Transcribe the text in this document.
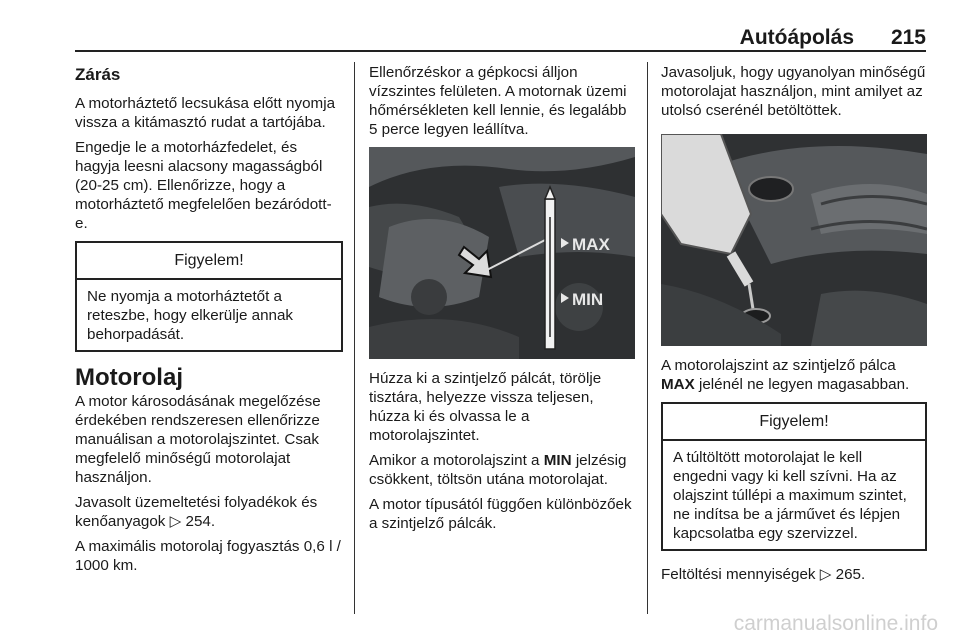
Autóápolás 215
Zárás

A motorháztető lecsukása előtt nyomja vissza a kitámasztó rudat a tartójába.

Engedje le a motorházfedelet, és hagyja leesni alacsony magasságból (20-25 cm). Ellenőrizze, hogy a motorháztető megfelelően bezáródott-e.

Figyelem!
Ne nyomja a motorháztetőt a reteszbe, hogy elkerülje annak behorpadását.
Motorolaj

A motor károsodásának megelőzése érdekében rendszeresen ellenőrizze manuálisan a motorolajszintet. Csak megfelelő minőségű motorolajat használjon.

Javasolt üzemeltetési folyadékok és kenőanyagok ▷ 254.

A maximális motorolaj fogyasztás 0,6 l / 1000 km.

Ellenőrzéskor a gépkocsi álljon vízszintes felületen. A motornak üzemi hőmérsékleten kell lennie, és legalább 5 perce legyen leállítva.

MAX
MIN

Húzza ki a szintjelző pálcát, törölje tisztára, helyezze vissza teljesen, húzza ki és olvassa le a motorolajszintet.

Amikor a motorolajszint a MIN jelzésig csökkent, töltsön utána motorolajat.

A motor típusától függően különbözőek a szintjelző pálcák.

Javasoljuk, hogy ugyanolyan minőségű motorolajat használjon, mint amilyet az utolsó cserénél betöltöttek.

A motorolajszint az szintjelző pálca MAX jelénél ne legyen magasabban.

Figyelem!
A túltöltött motorolajat le kell engedni vagy ki kell szívni. Ha az olajszint túllépi a maximum szintet, ne indítsa be a járművet és lépjen kapcsolatba egy szervizzel.

Feltöltési mennyiségek ▷ 265.

carmanualsonline.info
